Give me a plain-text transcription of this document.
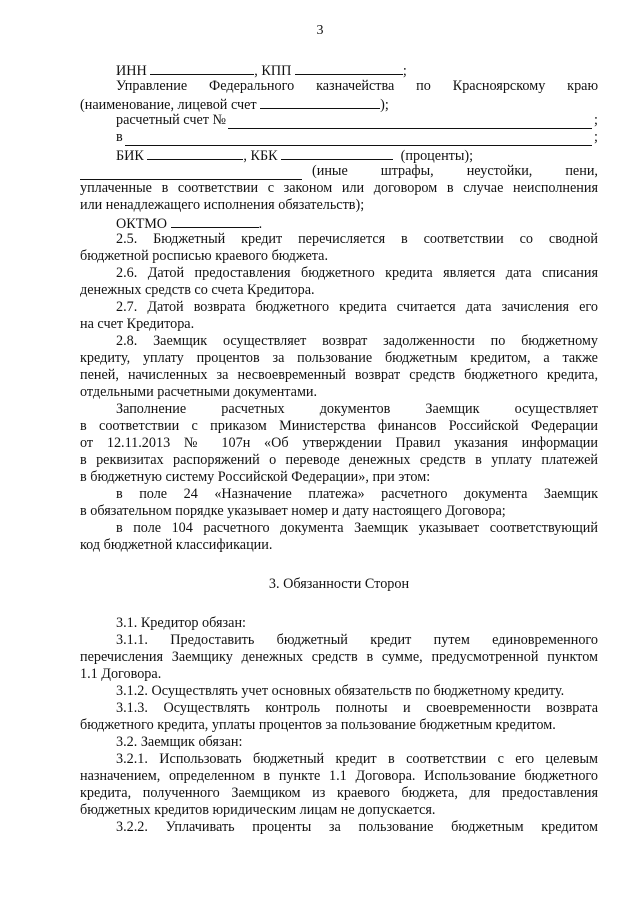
3
ИНН	, КПП	;
Управление Федерального казначейства по Красноярскому краю
(наименование, лицевой счет	);
расчетный счет №	;
в	;
БИК	, КБК	(проценты);
(иные штрафы, неустойки, пени,
уплаченные в соответствии с законом или договором в случае неисполнения
или ненадлежащего исполнения обязательств);
ОКТМО	.
2.5. Бюджетный кредит перечисляется в соответствии со сводной
бюджетной росписью краевого бюджета.
2.6. Датой предоставления бюджетного кредита является дата списания
денежных средств со счета Кредитора.
2.7. Датой возврата бюджетного кредита считается дата зачисления его
на счет Кредитора.
2.8. Заемщик осуществляет возврат задолженности по бюджетному
кредиту, уплату процентов за пользование бюджетным кредитом, а также
пеней, начисленных за несвоевременный возврат средств бюджетного кредита,
отдельными расчетными документами.
Заполнение расчетных документов Заемщик осуществляет
в соответствии с приказом Министерства финансов Российской Федерации
от 12.11.2013 № 107н «Об утверждении Правил указания информации
в реквизитах распоряжений о переводе денежных средств в уплату платежей
в бюджетную систему Российской Федерации», при этом:
в поле 24 «Назначение платежа» расчетного документа Заемщик
в обязательном порядке указывает номер и дату настоящего Договора;
в поле 104 расчетного документа Заемщик указывает соответствующий
код бюджетной классификации.
3. Обязанности Сторон
3.1. Кредитор обязан:
3.1.1. Предоставить бюджетный кредит путем единовременного
перечисления Заемщику денежных средств в сумме, предусмотренной пунктом
1.1 Договора.
3.1.2. Осуществлять учет основных обязательств по бюджетному кредиту.
3.1.3. Осуществлять контроль полноты и своевременности возврата
бюджетного кредита, уплаты процентов за пользование бюджетным кредитом.
3.2. Заемщик обязан:
3.2.1. Использовать бюджетный кредит в соответствии с его целевым
назначением, определенном в пункте 1.1 Договора. Использование бюджетного
кредита, полученного Заемщиком из краевого бюджета, для предоставления
бюджетных кредитов юридическим лицам не допускается.
3.2.2. Уплачивать проценты за пользование бюджетным кредитом
